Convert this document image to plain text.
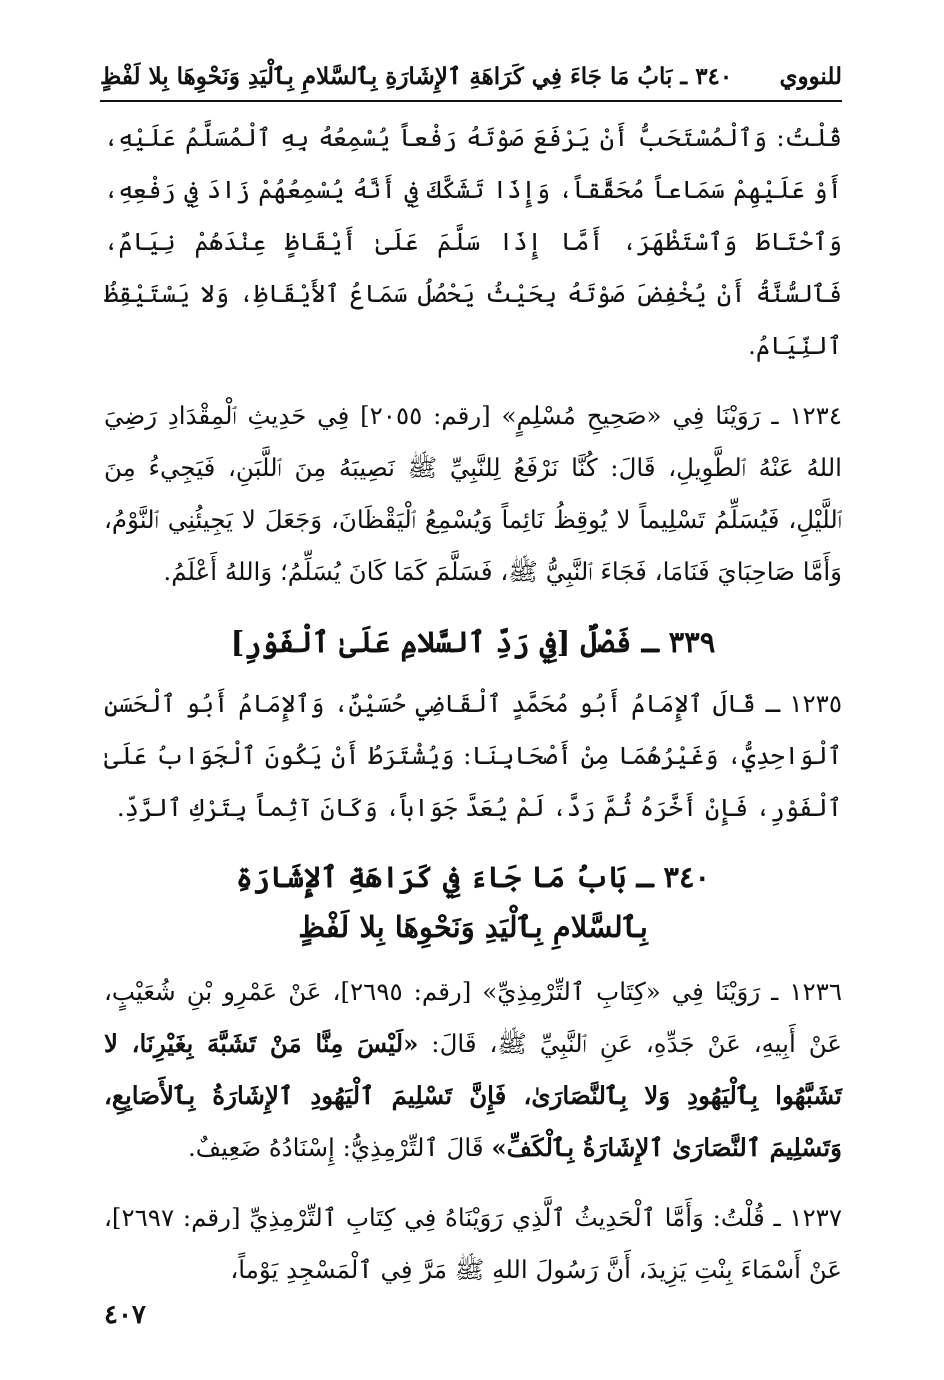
للنووي
٣٤٠ ـ بَابُ مَا جَاءَ فِي كَرَاهَةِ ٱلإِشَارَةِ بِٱلسَّلامِ بِٱلْيَدِ وَنَحْوِهَا بِلا لَفْظٍ

قُلْتُ: وَٱلْمُسْتَحَبُّ أَنْ يَرْفَعَ صَوْتَهُ رَفْعاً يُسْمِعُهُ بِهِ ٱلْمُسَلَّمُ عَلَيْهِ، أَوْ عَلَيْهِمْ سَمَاعاً مُحَقَّقاً، وَإِذَا تَشَكَّكَ فِي أَنَّهُ يُسْمِعُهُمْ زَادَ فِي رَفْعِهِ، وَٱحْتَاطَ وَٱسْتَظْهَرَ، أَمَّا إِذَا سَلَّمَ عَلَىٰ أَيْقَاظٍ عِنْدَهُمْ نِيَامٌ، فَٱلسُّنَّةُ أَنْ يُخْفِضَ صَوْتَهُ بِحَيْثُ يَحْصُلُ سَمَاعُ ٱلأَيْقَاظِ، وَلا يَسْتَيْقِظُ ٱلنِّيَامُ.

١٢٣٤ ـ رَوَيْنَا فِي «صَحِيحِ مُسْلِمٍ» [رقم: ٢٠٥٥] فِي حَدِيثِ ٱلْمِقْدَادِ رَضِيَ اللهُ عَنْهُ ٱلطَّوِيلِ، قَالَ: كُنَّا نَرْفَعُ لِلنَّبِيِّ ﷺ نَصِيبَهُ مِنَ ٱللَّبَنِ، فَيَجِيءُ مِنَ ٱللَّيْلِ، فَيُسَلِّمُ تَسْلِيماً لا يُوقِظُ نَائِماً وَيُسْمِعُ ٱلْيَقْظَانَ، وَجَعَلَ لا يَجِيئُنِي ٱلنَّوْمُ، وَأَمَّا صَاحِبَايَ فَنَامَا، فَجَاءَ ٱلنَّبِيُّ ﷺ، فَسَلَّمَ كَمَا كَانَ يُسَلِّمُ؛ وَاللهُ أَعْلَمُ.

٣٣٩ ـ فَصْلٌ [فِي رَدِّ ٱلسَّلامِ عَلَىٰ ٱلْفَوْرِ]

١٢٣٥ ـ قَالَ ٱلإِمَامُ أَبُو مُحَمَّدٍ ٱلْقَاضِي حُسَيْنٌ، وَٱلإِمَامُ أَبُو ٱلْحَسَنِ ٱلْوَاحِدِيُّ، وَغَيْرُهُمَا مِنْ أَصْحَابِنَا: وَيُشْتَرَطُ أَنْ يَكُونَ ٱلْجَوَابُ عَلَىٰ ٱلْفَوْرِ، فَإِنْ أَخَّرَهُ ثُمَّ رَدَّ، لَمْ يُعَدَّ جَوَاباً، وَكَانَ آثِماً بِتَرْكِ ٱلرَّدِّ.

٣٤٠ ـ بَابُ مَا جَاءَ فِي كَرَاهَةِ ٱلإِشَارَةِ
بِٱلسَّلامِ بِٱلْيَدِ وَنَحْوِهَا بِلا لَفْظٍ

١٢٣٦ ـ رَوَيْنَا فِي «كِتَابِ ٱلتِّرْمِذِيِّ» [رقم: ٢٦٩٥]، عَنْ عَمْرِو بْنِ شُعَيْبٍ، عَنْ أَبِيهِ، عَنْ جَدِّهِ، عَنِ ٱلنَّبِيِّ ﷺ، قَالَ: «لَيْسَ مِنَّا مَنْ تَشَبَّهَ بِغَيْرِنَا، لا تَشَبَّهُوا بِٱلْيَهُودِ وَلا بِٱلنَّصَارَىٰ، فَإِنَّ تَسْلِيمَ ٱلْيَهُودِ ٱلإِشَارَةُ بِٱلأَصَابِعِ، وَتَسْلِيمَ ٱلنَّصَارَىٰ ٱلإِشَارَةُ بِٱلْكَفِّ» قَالَ ٱلتِّرْمِذِيُّ: إِسْنَادُهُ ضَعِيفٌ.

١٢٣٧ ـ قُلْتُ: وَأَمَّا ٱلْحَدِيثُ ٱلَّذِي رَوَيْنَاهُ فِي كِتَابِ ٱلتِّرْمِذِيِّ [رقم: ٢٦٩٧]، عَنْ أَسْمَاءَ بِنْتِ يَزِيدَ، أَنَّ رَسُولَ اللهِ ﷺ مَرَّ فِي ٱلْمَسْجِدِ يَوْماً،

٤٠٧
